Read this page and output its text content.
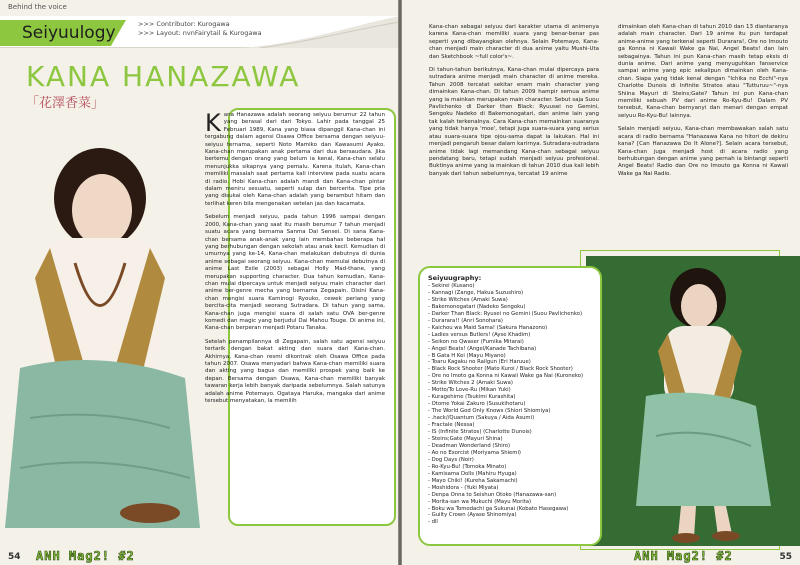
Behind the voice
Seiyuulogy	>>> Contributor: Kurogawa
>>> Layout: nvnFairytail & Kurogawa
KANA HANAZAWA
「花澤香菜」

Kana Hanazawa adalah seorang seiyuu berumur 22 tahun yang berasal dari dari Tokyo. Lahir pada tanggal 25 Februari 1989, Kana yang biasa dipanggil Kana-chan ini tergabung dalam agensi Osawa Office bersama dengan seiyuu-seiyuu ternama, seperti Noto Mamiko dan Kawasumi Ayako. Kana-chan merupakan anak pertama dari dua bersaudara. Jika bertemu dengan orang yang belum ia kenal, Kana-chan selalu menunjukka sikapnya yang pemalu. Karena itulah, Kana-chan memiliki masalah saat pertama kali interview pada suatu acara di radio. Hobi Kana-chan adalah mandi dan Kana-chan pintar dalam meniru sesuatu, seperti sulap dan bercerita. Tipe pria yang disukai oleh Kana-chan adalah yang berambut hitam dan terlihat keren bila mengenakan setelan jas dan kacamata.

Sebelum menjadi seiyuu, pada tahun 1996 sampai dengan 2000, Kana-chan yang saat itu masih berumur 7 tahun menjadi suatu acara yang bernama Sanma Dai Sensei. Di sana Kana-chan bersama anak-anak yang lain membahas beberapa hal yang berhubungan dengan sekolah atau anak kecil. Kemudian di umurnya yang ke-14, Kana-chan melakukan debutnya di dunia anime sebagai seorang seiyuu. Kana-chan memulai debutnya di anime Last Exile (2003) sebagai Holly Mad-thane, yang merupakan supporting character. Dua tahun kemudian, Kana-chan mulai dipercaya untuk menjadi seiyuu main character dari anime ber-genre mecha yang bernama Zegapain. Disini Kana-chan mengisi suara Kaminogi Ryouko, cewek periang yang bercita-cita menjadi seorang Sutradara. Di tahun yang sama, Kana-chan juga mengisi suara di salah satu OVA ber-genre komedi dan magic yang berjudul Dai Mahou Touge. Di anime ini, Kana-chan berperan menjadi Potaru Tanaka.

Setelah penampilannya di Zegapain, salah satu agensi seiyuu tertarik dengan bakat akting dan suara dari Kana-chan. Akhirnya, Kana-chan resmi dikontrak oleh Osawa Office pada tahun 2007. Osawa menyadari bahwa Kana-chan memiliki suara dan akting yang bagus dan memiliki prospek yang baik ke depan. Bersama dengan Osawa, Kana-chan memiliki banyak tawaran kerja lebih banyak daripada sebelumnya. Salah satunya adalah anime Potemayo. Ogataya Haruka, mangaka dari anime tersebut menyatakan, la memilih

54 ANH Mag2! #2

Kana-chan sebagai seiyuu dari karakter utama di animenya karena Kana-chan memiliki suara yang benar-benar pas seperti yang dibayangkan olehnya. Selain Potemayo, Kana-chan menjadi main character di dua anime yaitu Mushi-Uta dan Sketchbook ~full color's~.

Di tahun-tahun berikutnya, Kana-chan mulai dipercaya para sutradara anime menjadi main character di anime mereka. Tahun 2008 tercatat sekitar enam main character yang dimainkan Kana-chan. Di tahun 2009 hampir semua anime yang ia mainkan merupakan main character. Sebut saja Suou Pavlichenko di Darker than Black: Ryuusei no Gemini, Sengoku Nadeko di Bakemonogatari, dan anime lain yang tak kalah terkenalnya. Cara Kana-chan memainkan suaranya yang tidak hanya 'moe', tetapi juga suara-suara yang serius atau suara-suara tipe ojou-sama dapat ia lakukan. Hal ini menjadi pengaruh besar dalam karirnya. Sutradara-sutradara anime tidak lagi memandang Kana-chan sebagai seiyuu pendatang baru, tetapi sudah menjadi seiyuu profesional. Buktinya anime yang ia mainkan di tahun 2010 dua kali lebih banyak dari tahun sebelumnya, tercatat 19 anime

dimainkan oleh Kana-chan di tahun 2010 dan 13 diantaranya adalah main character. Dari 19 anime itu pun terdapat anime-anime yang terkenal seperti Durarara!, Ore no Imouto ga Konna ni Kawaii Wake ga Nai, Angel Beats! dan lain sebagainya. Tahun ini pun Kana-chan masih tetap eksis di dunia anime. Dari anime yang menyuguhkan fanservice sampai anime yang epic sekalipun dimainkan oleh Kana-chan. Siapa yang tidak kenal dengan "Ichika no Ecchi"-nya Charlotte Dunois di Infinite Stratos atau "Tutturuu~"-nya Shiina Mayuri di Steins;Gate? Tahun ini pun Kana-chan memiliki sebuah PV dari anime Ro-Kyu-Bu! Dalam PV tersebut, Kana-chan bernyanyi dan menari dengan empat seiyuu Ro-Kyu-Bu! lainnya.

Selain menjadi seiyuu, Kana-chan membawakan salah satu acara di radio bernama "Hanazawa Kana no hitori de dekiru kana? [Can Hanazawa Do It Alone?]. Selain acara tersebut, Kana-chan juga menjadi host di acara radio yang berhubungan dengan anime yang pernah ia bintangi seperti Angel Beats! Radio dan Ore no Imouto ga Konna ni Kawaii Wake ga Nai Radio.

Seiyuugraphy:
- Sekirei (Kusano)
- Kannagi (Zange, Hakua Suzushiro)
- Strike Witches (Amaki Suwa)
- Bakemonogatari (Nadeko Sengoku)
- Darker Than Black: Ryusei no Gemini (Suou Pavlichenko)
- Durarara!! (Anri Sonohara)
- Kaichou wa Maid Sama! (Sakura Hanazono)
- Ladies versus Butlers! (Ayse Khadim)
- Seikon no Qwaser (Fumika Mitarai)
- Angel Beats! (Angel/Kanade Tachibana)
- B Gata H Kei (Mayu Miyano)
- Toaru Kagaku no Railgun (Eri Haruue)
- Black Rock Shooter (Mato Kuroi / Black Rock Shooter)
- Ore no Imoto ga Konna ni Kawaii Wake ga Nai (Kuroneko)
- Strike Witches 2 (Amaki Suwa)
- Motto/To Love-Ru (Mikan Yuki)
- Kuragehime (Tsukimi Kurashita)
- Otome Yokai Zakuro (Susukihotaru)
- The World God Only Knows (Shiori Shiomiya)
- .hack//Quantum (Sakuya / Aida Asumi)
- Fractale (Nessa)
- IS (Infinite Stratos) (Charlotte Dunois)
- Steins;Gate (Mayuri Shina)
- Deadman Wonderland (Shiro)
- Ao no Exorcist (Moriyama Shiemi)
- Dog Days (Noir)
- Ro-Kyu-Bu! (Tomoka Minato)
- Kamisama Dolls (Mahiru Hyuga)
- Mayo Chiki! (Kureha Sakamachi)
- Moshidora - (Yuki Miyata)
- Denpa Onna to Seishun Otoko (Hanazawa-san)
- Morita-san wa Mukuchi (Mayu Morita)
- Boku wa Tomodachi ga Sukunai (Kobato Hasegawa)
- Guilty Crown (Ayase Shinomiya)
- dll
ANH Mag2! #2	55
